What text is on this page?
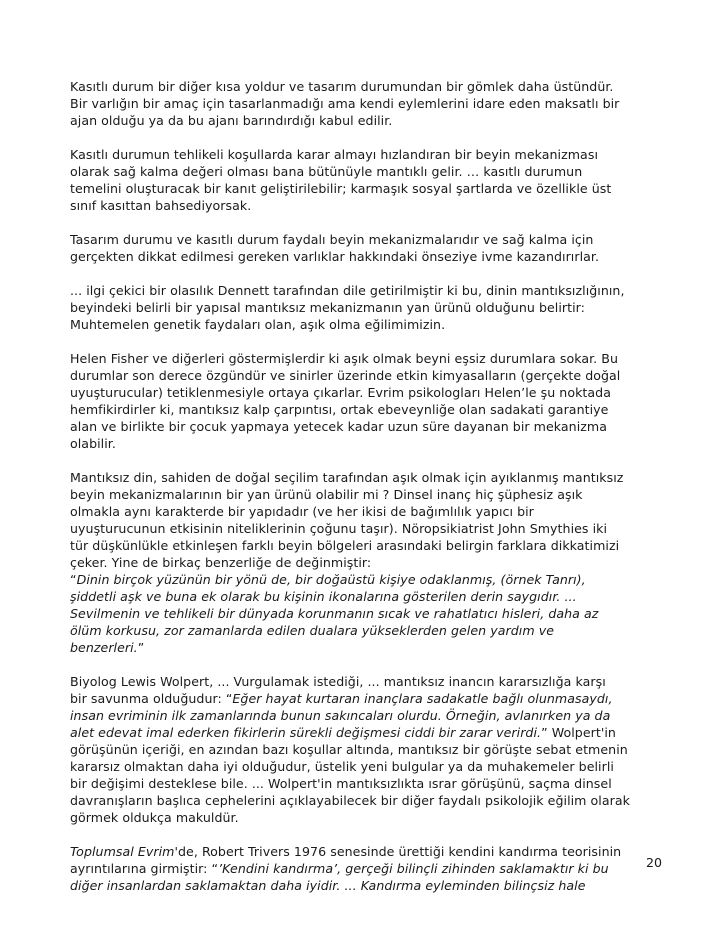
Kasıtlı durum bir diğer kısa yoldur ve tasarım durumundan bir gömlek daha üstündür.
Bir varlığın bir amaç için tasarlanmadığı ama kendi eylemlerini idare eden maksatlı bir
ajan olduğu ya da bu ajanı barındırdığı kabul edilir.

Kasıtlı durumun tehlikeli koşullarda karar almayı hızlandıran bir beyin mekanizması
olarak sağ kalma değeri olması bana bütünüyle mantıklı gelir. … kasıtlı durumun
temelini oluşturacak bir kanıt geliştirilebilir; karmaşık sosyal şartlarda ve özellikle üst
sınıf kasıttan bahsediyorsak.

Tasarım durumu ve kasıtlı durum faydalı beyin mekanizmalarıdır ve sağ kalma için
gerçekten dikkat edilmesi gereken varlıklar hakkındaki önseziye ivme kazandırırlar.

... ilgi çekici bir olasılık Dennett tarafından dile getirilmiştir ki bu, dinin mantıksızlığının,
beyindeki belirli bir yapısal mantıksız mekanizmanın yan ürünü olduğunu belirtir:
Muhtemelen genetik faydaları olan, aşık olma eğilimimizin.

Helen Fisher ve diğerleri göstermişlerdir ki aşık olmak beyni eşsiz durumlara sokar. Bu
durumlar son derece özgündür ve sinirler üzerinde etkin kimyasalların (gerçekte doğal
uyuşturucular) tetiklenmesiyle ortaya çıkarlar. Evrim psikologları Helen’le şu noktada
hemfikirdirler ki, mantıksız kalp çarpıntısı, ortak ebeveynliğe olan sadakati garantiye
alan ve birlikte bir çocuk yapmaya yetecek kadar uzun süre dayanan bir mekanizma
olabilir.

Mantıksız din, sahiden de doğal seçilim tarafından aşık olmak için ayıklanmış mantıksız
beyin mekanizmalarının bir yan ürünü olabilir mi ? Dinsel inanç hiç şüphesiz aşık
olmakla aynı karakterde bir yapıdadır (ve her ikisi de bağımlılık yapıcı bir
uyuşturucunun etkisinin niteliklerinin çoğunu taşır). Nöropsikiatrist John Smythies iki
tür düşkünlükle etkinleşen farklı beyin bölgeleri arasındaki belirgin farklara dikkatimizi
çeker. Yine de birkaç benzerliğe de değinmiştir:
“Dinin birçok yüzünün bir yönü de, bir doğaüstü kişiye odaklanmış, (örnek Tanrı),
şiddetli aşk ve buna ek olarak bu kişinin ikonalarına gösterilen derin saygıdır. ...
Sevilmenin ve tehlikeli bir dünyada korunmanın sıcak ve rahatlatıcı hisleri, daha az
ölüm korkusu, zor zamanlarda edilen dualara yükseklerden gelen yardım ve
benzerleri.”

Biyolog Lewis Wolpert, ... Vurgulamak istediği, ... mantıksız inancın kararsızlığa karşı
bir savunma olduğudur: “Eğer hayat kurtaran inançlara sadakatle bağlı olunmasaydı,
insan evriminin ilk zamanlarında bunun sakıncaları olurdu. Örneğin, avlanırken ya da
alet edevat imal ederken fikirlerin sürekli değişmesi ciddi bir zarar verirdi.” Wolpert'in
görüşünün içeriği, en azından bazı koşullar altında, mantıksız bir görüşte sebat etmenin
kararsız olmaktan daha iyi olduğudur, üstelik yeni bulgular ya da muhakemeler belirli
bir değişimi desteklese bile. ... Wolpert'in mantıksızlıkta ısrar görüşünü, saçma dinsel
davranışların başlıca cephelerini açıklayabilecek bir diğer faydalı psikolojik eğilim olarak
görmek oldukça makuldür.

Toplumsal Evrim'de, Robert Trivers 1976 senesinde ürettiği kendini kandırma teorisinin
ayrıntılarına girmiştir: “’Kendini kandırma’, gerçeği bilinçli zihinden saklamaktır ki bu
diğer insanlardan saklamaktan daha iyidir. ... Kandırma eyleminden bilinçsiz hale

20
